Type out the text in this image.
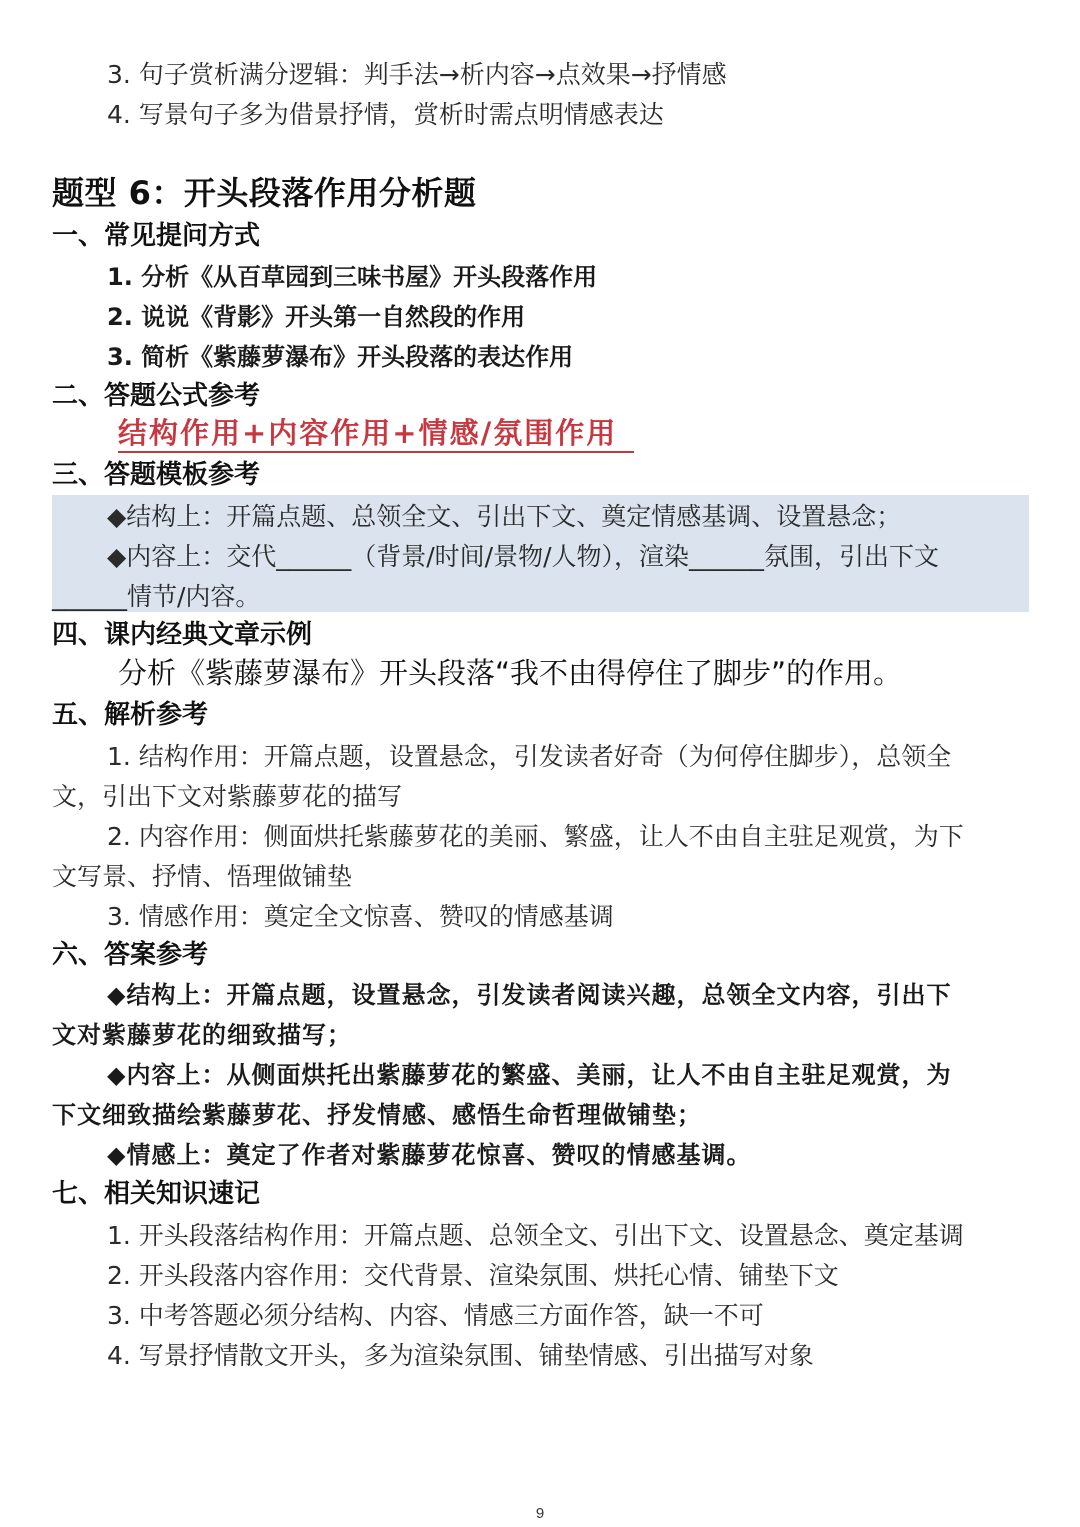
3. 句子赏析满分逻辑：判手法→析内容→点效果→抒情感
4. 写景句子多为借景抒情，赏析时需点明情感表达
题型 6：开头段落作用分析题
一、常见提问方式
1. 分析《从百草园到三味书屋》开头段落作用
2. 说说《背影》开头第一自然段的作用
3. 简析《紫藤萝瀑布》开头段落的表达作用
二、答题公式参考
结构作用+内容作用+情感/氛围作用
三、答题模板参考
◆结构上：开篇点题、总领全文、引出下文、奠定情感基调、设置悬念；
◆内容上：交代______（背景/时间/景物/人物），渲染______氛围，引出下文
______情节/内容。
四、课内经典文章示例
分析《紫藤萝瀑布》开头段落“我不由得停住了脚步”的作用。
五、解析参考
1. 结构作用：开篇点题，设置悬念，引发读者好奇（为何停住脚步），总领全
文，引出下文对紫藤萝花的描写
2. 内容作用：侧面烘托紫藤萝花的美丽、繁盛，让人不由自主驻足观赏，为下
文写景、抒情、悟理做铺垫
3. 情感作用：奠定全文惊喜、赞叹的情感基调
六、答案参考
◆结构上：开篇点题，设置悬念，引发读者阅读兴趣，总领全文内容，引出下
文对紫藤萝花的细致描写；
◆内容上：从侧面烘托出紫藤萝花的繁盛、美丽，让人不由自主驻足观赏，为
下文细致描绘紫藤萝花、抒发情感、感悟生命哲理做铺垫；
◆情感上：奠定了作者对紫藤萝花惊喜、赞叹的情感基调。
七、相关知识速记
1. 开头段落结构作用：开篇点题、总领全文、引出下文、设置悬念、奠定基调
2. 开头段落内容作用：交代背景、渲染氛围、烘托心情、铺垫下文
3. 中考答题必须分结构、内容、情感三方面作答，缺一不可
4. 写景抒情散文开头，多为渲染氛围、铺垫情感、引出描写对象
9
